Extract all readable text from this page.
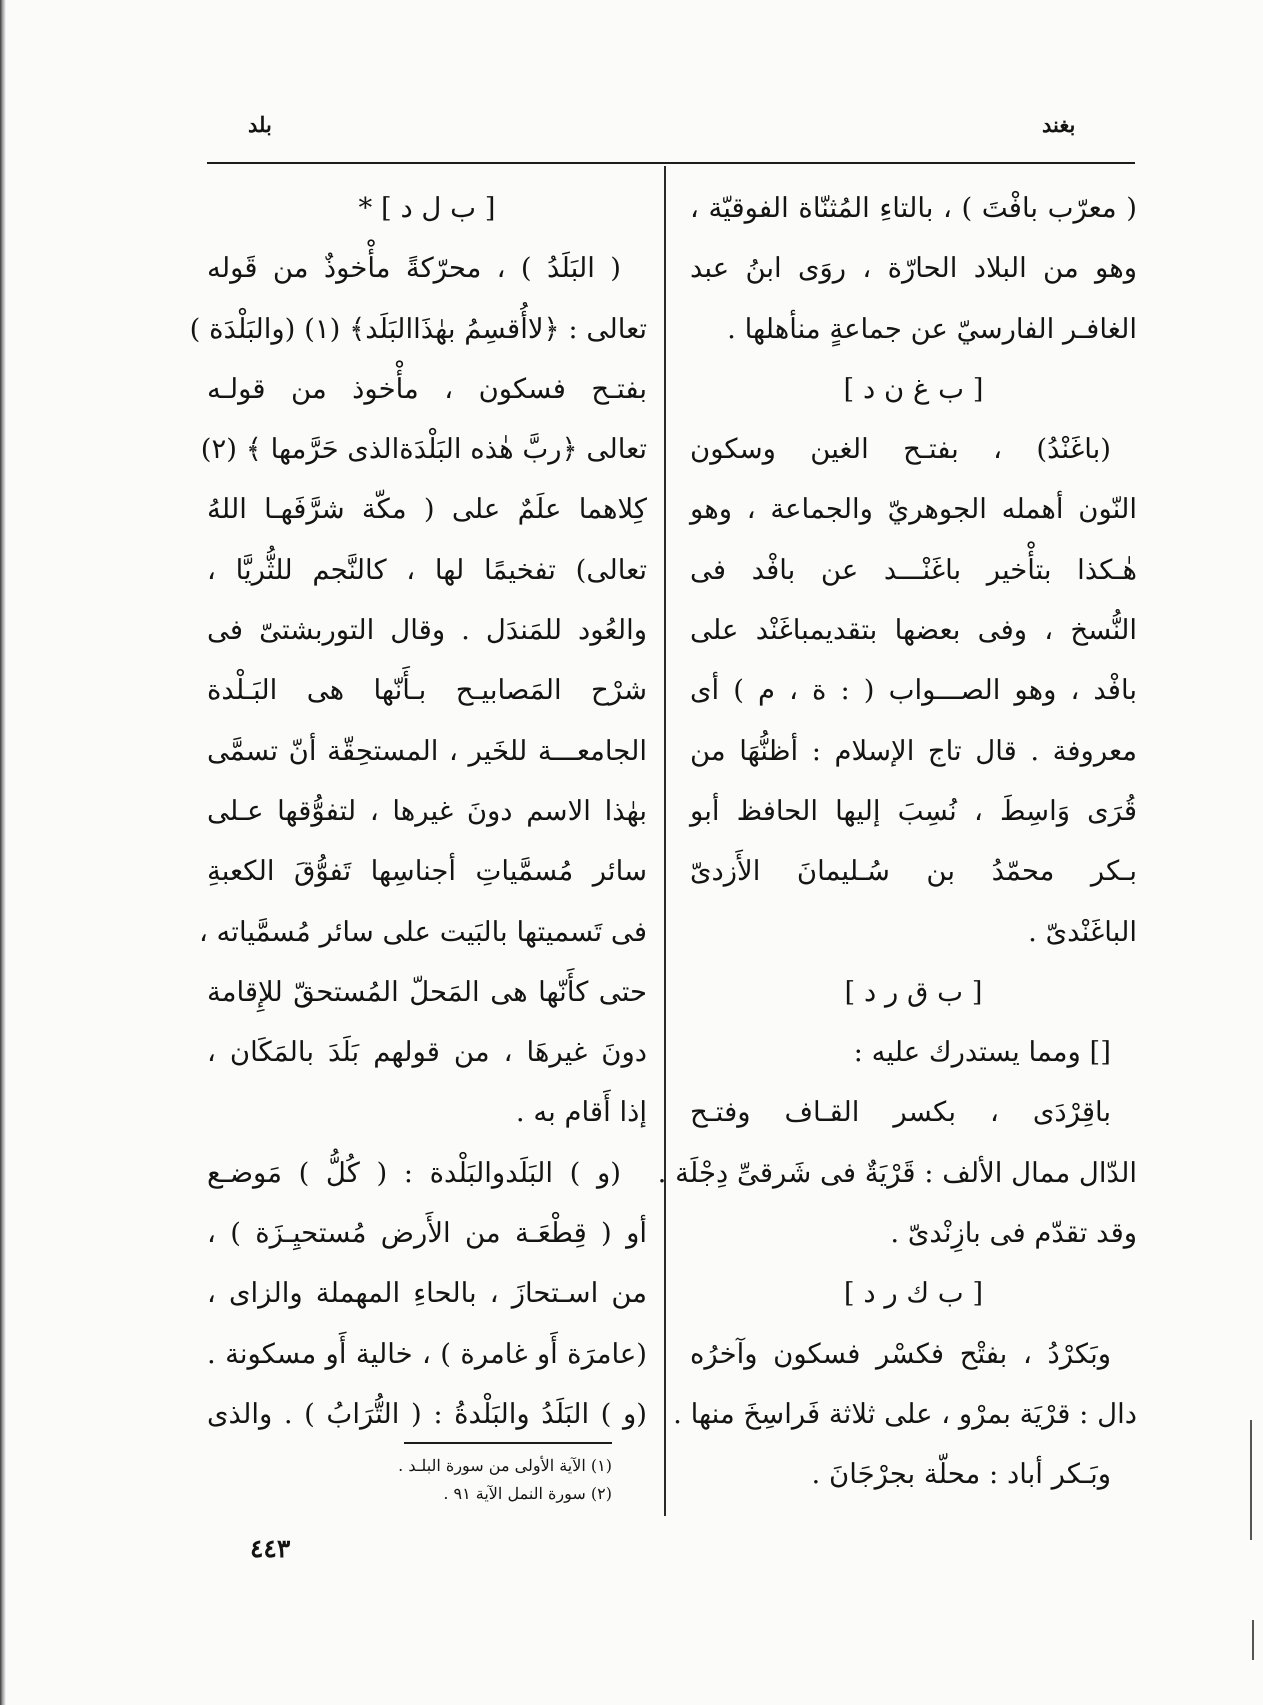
بلد	بغند
( معرّب بافْتَ ) ، بالتاءِ المُثنّاة الفوقيّة ،
وهو من البلاد الحارّة ، روَى ابنُ عبد
الغافـر الفارسيّ عن جماعةٍ منأهلها .
[ ب غ ن د ]
(باغَنْدُ) ، بفتـح الغين وسكون
النّون أهمله الجوهريّ والجماعة ، وهو
هٰـكذا بتأْخير باغَنْـــد عن بافْد فى
النُّسخ ، وفى بعضها بتقديمباغَنْد على
بافْد ، وهو الصـــواب ( : ة ، م ) أى
معروفة . قال تاج الإسلام : أظنُّهَا من
قُرَى وَاسِطَ ، نُسِبَ إليها الحافظ أبو
بـكر محمّدُ بن سُـليمانَ الأَزدىّ
الباغَنْدىّ .
[ ب ق ر د ]
[] ومما يستدرك عليه :
باقِرْدَى ، بكسر القـاف وفتـح
الدّال ممال الألف : قَرْيَةٌ فى شَرقىِّ دِجْلَة .
وقد تقدّم فى بازِنْدىّ .
[ ب ك ر د ]
وبَكرْدُ ، بفتْح فكسْر فسكون وآخرُه
دال : قرْيَة بمرْو ، على ثلاثة فَراسِخَ منها .
وبَـكر أباد : محلّة بجرْجَانَ .
[ ب ل د ] *
( البَلَدُ ) ، محرّكةً مأْخوذٌ من قَوله
تعالى : ﴿لاأُقسِمُ بهٰذَاالبَلَد﴾ (١) (والبَلْدَة )
بفتـح فسكون ، مأْخوذ من قولـه
تعالى ﴿ربَّ هٰذه البَلْدَةالذى حَرَّمها ﴾ (٢)
كِلاهما علَمٌ على ( مكّة شرَّفَهـا اللهُ
تعالى) تفخيمًا لها ، كالنَّجم للثُّريَّا ،
والعُود للمَندَل . وقال التوربشتىّ فى
شرْح المَصابيـح بـأَنّها هى البَـلْدة
الجامعـــة للخَير ، المستحِقّة أنّ تسمَّى
بهٰذا الاسم دونَ غيرها ، لتفوُّقها عـلى
سائر مُسمَّياتِ أجناسِها تَفوُّقَ الكعبةِ
فى تَسميتها بالبَيت على سائر مُسمَّياته ،
حتى كأَنّها هى المَحلّ المُستحقّ للإِقامة
دونَ غيرهَا ، من قولهم بَلَدَ بالمَكَان ،
إذا أَقام به .
(و ) البَلَدوالبَلْدة : ( كُلُّ ) مَوضـع
أو ( قِطْعَـة من الأَرض مُستحيِـزَة ) ،
من اسـتحازَ ، بالحاءِ المهملة والزاى ،
(عامرَة أَو غامرة ) ، خالية أَو مسكونة .
(و ) البَلَدُ والبَلْدةُ : ( التُّرَابُ ) . والذى
(١) الآية الأولى من سورة البلـد .
(٢) سورة النمل الآية ٩١ .
٤٤٣
